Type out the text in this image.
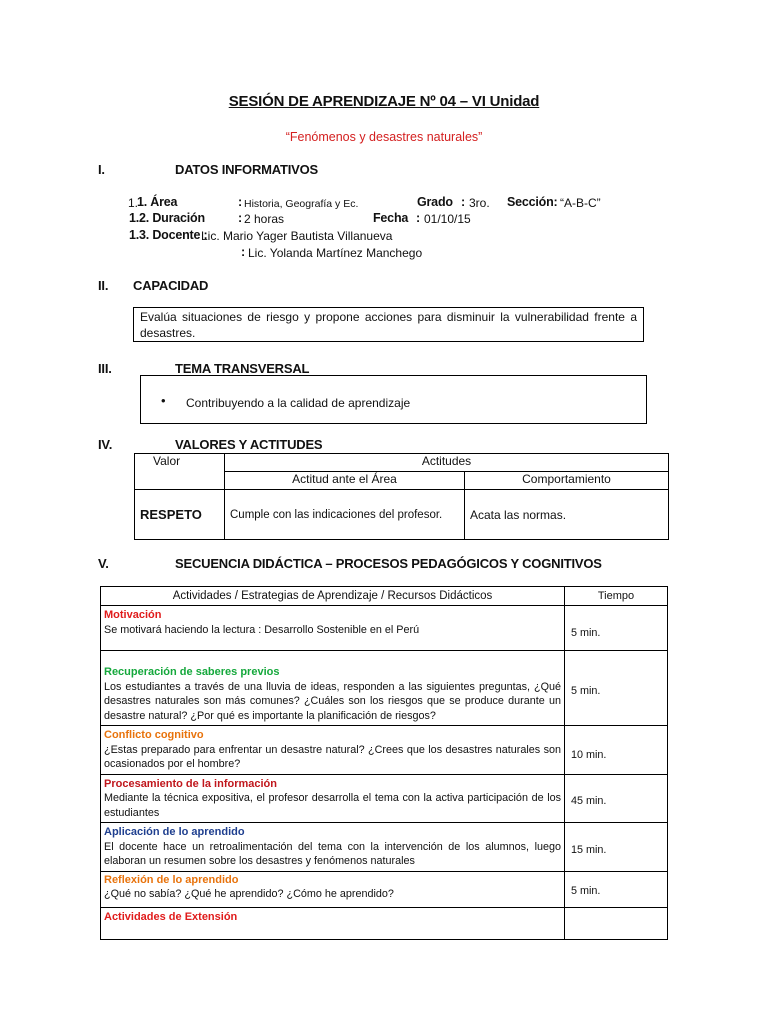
SESIÓN DE APRENDIZAJE Nº 04 – VI Unidad
“Fenómenos y desastres naturales”
I.	DATOS INFORMATIVOS
1.
1. Área	: Historia, Geografía y Ec.	Grado : 3ro. Sección: “A-B-C”
1.2. Duración	: 2 horas	Fecha : 01/10/15
1.3. Docente :
Lic. Mario Yager Bautista Villanueva
: Lic. Yolanda Martínez Manchego
II. CAPACIDAD
Evalúa situaciones de riesgo y propone acciones para disminuir la vulnerabilidad frente a desastres.
III.	TEMA TRANSVERSAL
• Contribuyendo a la calidad de aprendizaje
IV.	VALORES Y ACTITUDES
Valor	Actitudes	
	Actitud ante el Área	Comportamiento
RESPETO	Cumple con las indicaciones del profesor.	Acata las normas.
V.	SECUENCIA DIDÁCTICA – PROCESOS PEDAGÓGICOS Y COGNITIVOS
Actividades / Estrategias de Aprendizaje / Recursos Didácticos	Tiempo

Motivación
Se motivará haciendo la lectura : Desarrollo Sostenible en el Perú	5 min.

Recuperación de saberes previos
Los estudiantes a través de una lluvia de ideas, responden a las siguientes preguntas, ¿Qué desastres naturales son más comunes? ¿Cuáles son los riesgos que se produce durante un desastre natural? ¿Por qué es importante la planificación de riesgos?	5 min.

Conflicto cognitivo
¿Estas preparado para enfrentar un desastre natural? ¿Crees que los desastres naturales son ocasionados por el hombre?	10 min.

Procesamiento de la información
Mediante la técnica expositiva, el profesor desarrolla el tema con la activa participación de los estudiantes	45 min.

Aplicación de lo aprendido
El docente hace un retroalimentación del tema con la intervención de los alumnos, luego elaboran un resumen sobre los desastres y fenómenos naturales	15 min.

Reflexión de lo aprendido
¿Qué no sabía? ¿Qué he aprendido? ¿Cómo he aprendido?	5 min.

Actividades de Extensión	
